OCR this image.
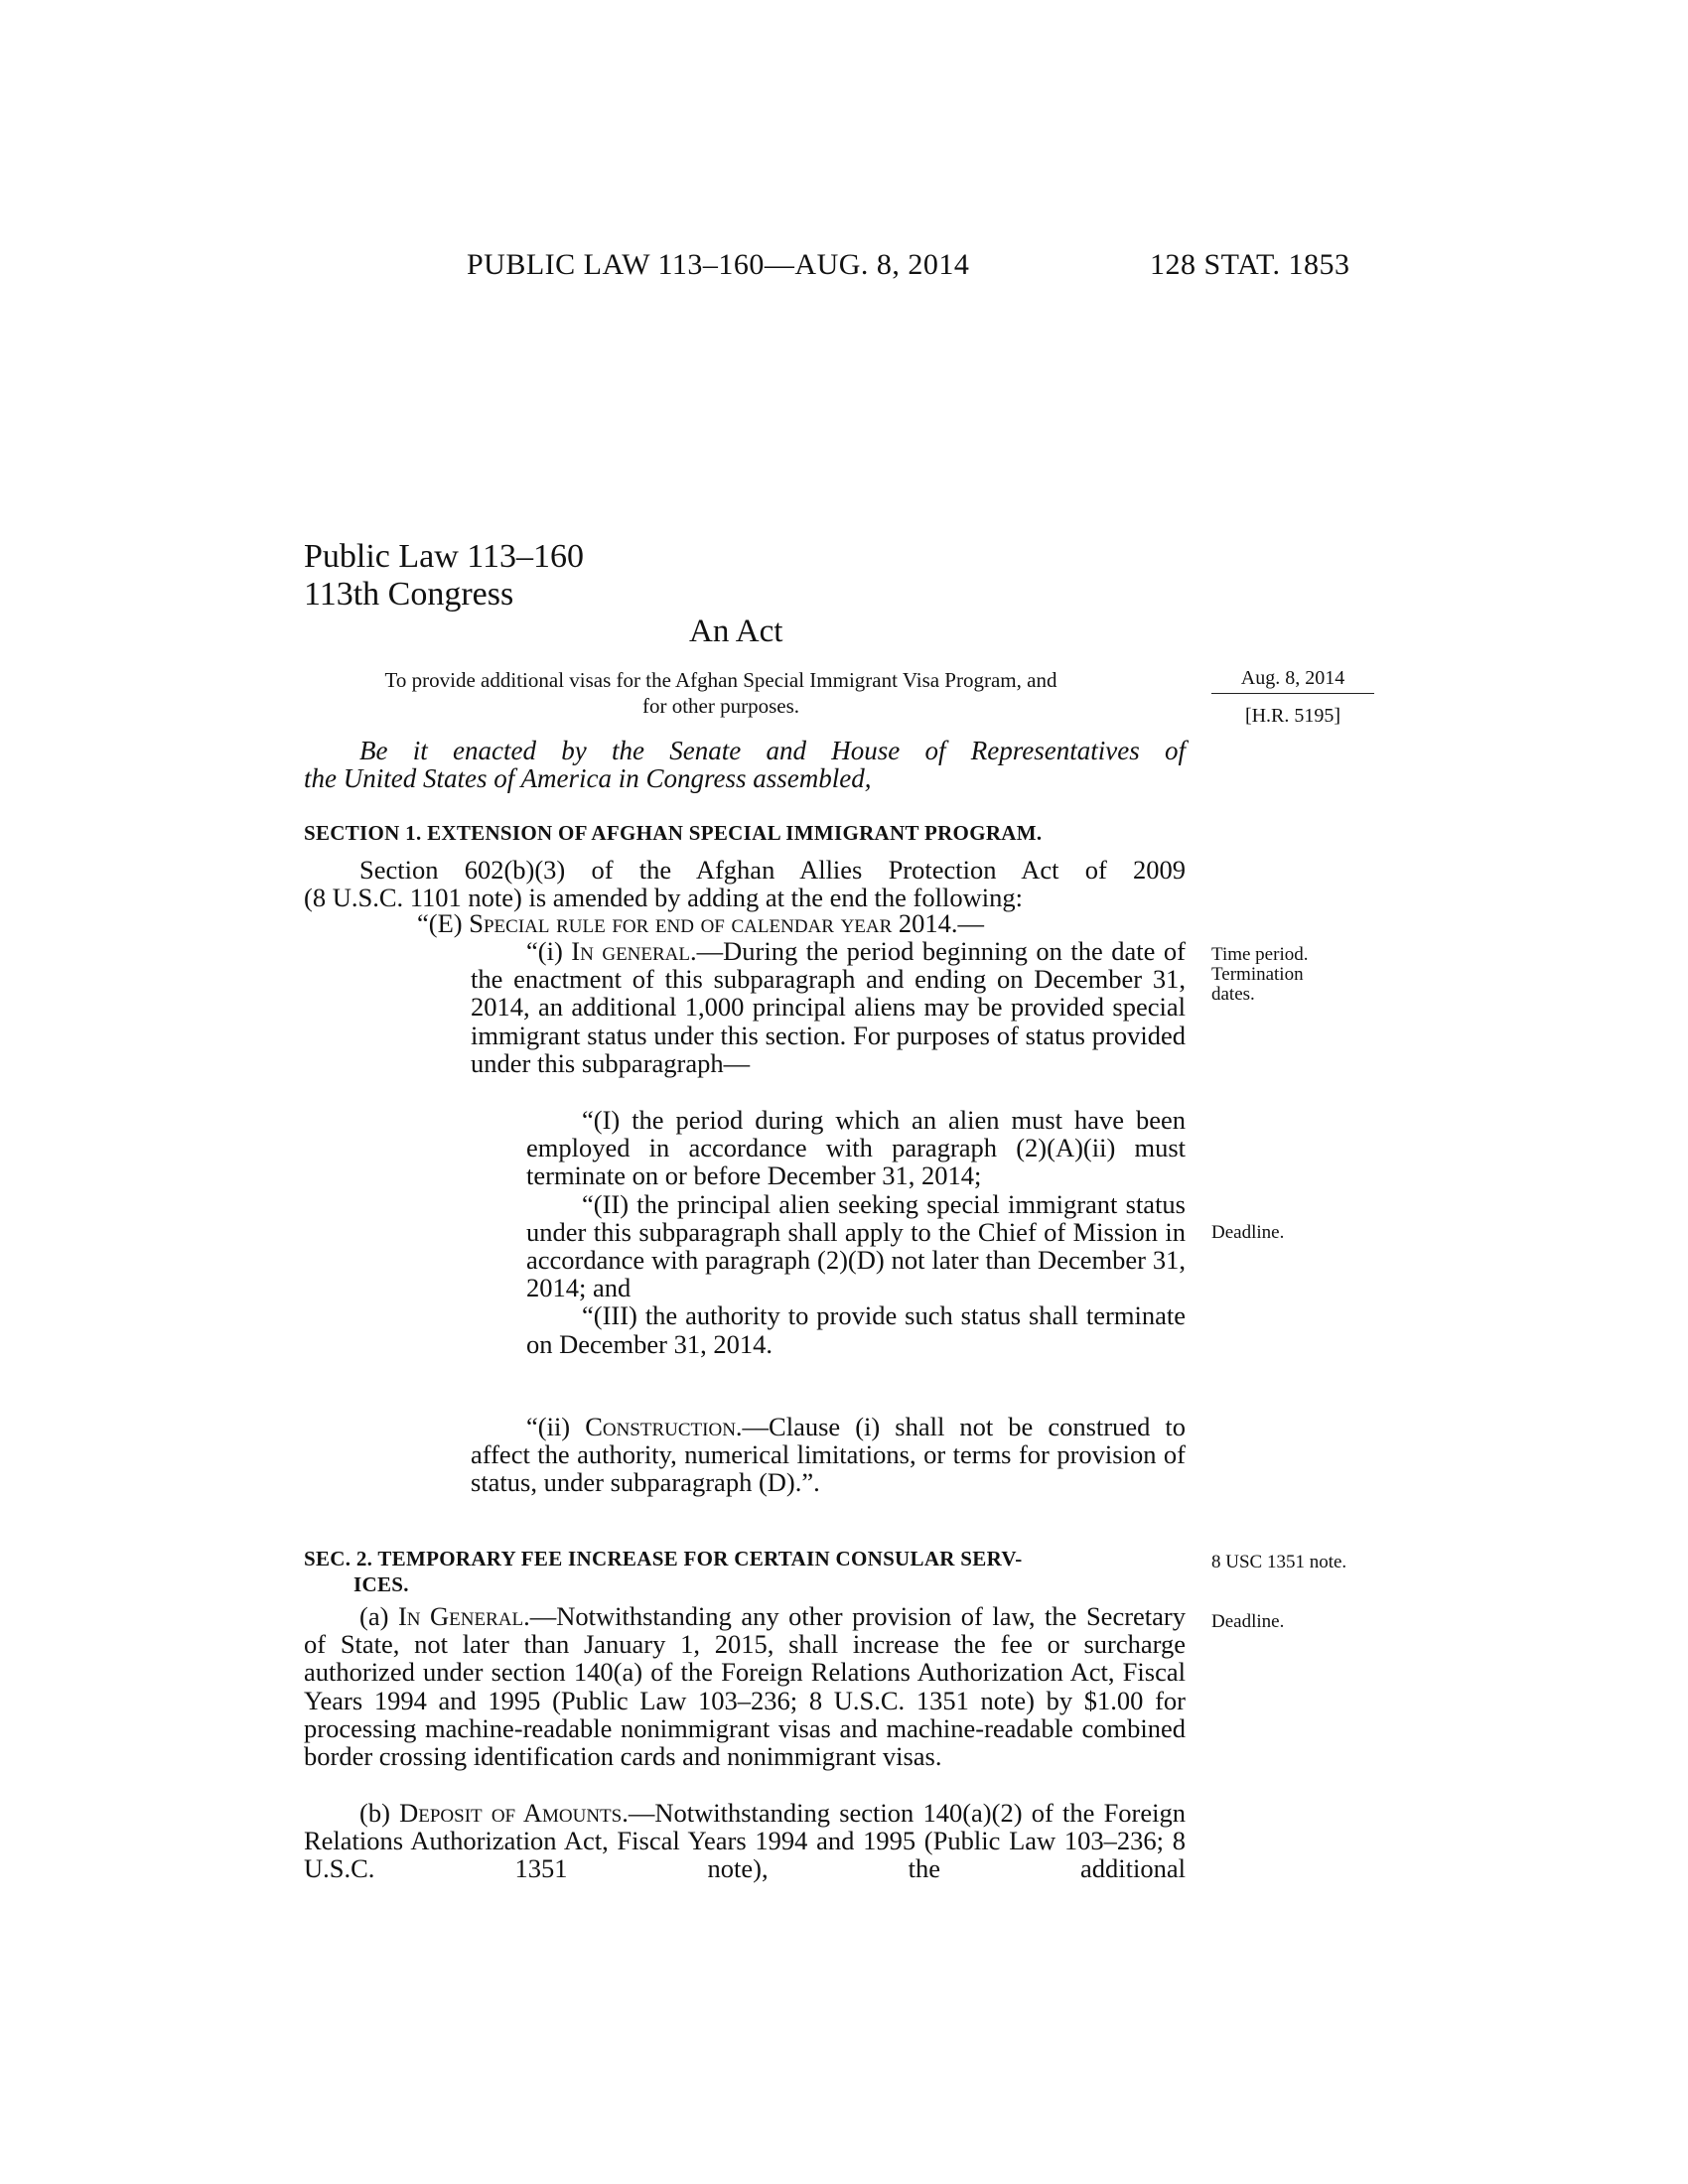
PUBLIC LAW 113–160—AUG. 8, 2014	128 STAT. 1853
Public Law 113–160
113th Congress
An Act
To provide additional visas for the Afghan Special Immigrant Visa Program, and
for other purposes.
Aug. 8, 2014
[H.R. 5195]
Be it enacted by the Senate and House of Representatives of
the United States of America in Congress assembled,
SECTION 1. EXTENSION OF AFGHAN SPECIAL IMMIGRANT PROGRAM.
Section 602(b)(3) of the Afghan Allies Protection Act of 2009
(8 U.S.C. 1101 note) is amended by adding at the end the following:
“(E) Special rule for end of calendar year 2014.—

“(i) In general.—During the period beginning on the date of the enactment of this subparagraph and ending on December 31, 2014, an additional 1,000 principal aliens may be provided special immigrant status under this section. For purposes of status provided under this subparagraph—

“(I) the period during which an alien must have been employed in accordance with paragraph (2)(A)(ii) must terminate on or before December 31, 2014;

“(II) the principal alien seeking special immigrant status under this subparagraph shall apply to the Chief of Mission in accordance with paragraph (2)(D) not later than December 31, 2014; and

“(III) the authority to provide such status shall terminate on December 31, 2014.

“(ii) Construction.—Clause (i) shall not be construed to affect the authority, numerical limitations, or terms for provision of status, under subparagraph (D).”.

SEC. 2. TEMPORARY FEE INCREASE FOR CERTAIN CONSULAR SERV-
ICES.

(a) In General.—Notwithstanding any other provision of law, the Secretary of State, not later than January 1, 2015, shall increase the fee or surcharge authorized under section 140(a) of the Foreign Relations Authorization Act, Fiscal Years 1994 and 1995 (Public Law 103–236; 8 U.S.C. 1351 note) by $1.00 for processing machine-readable nonimmigrant visas and machine-readable combined border crossing identification cards and nonimmigrant visas.

(b) Deposit of Amounts.—Notwithstanding section 140(a)(2) of the Foreign Relations Authorization Act, Fiscal Years 1994 and 1995 (Public Law 103–236; 8 U.S.C. 1351 note), the additional

Time period.
Termination
dates.
Deadline.
8 USC 1351 note.
Deadline.
